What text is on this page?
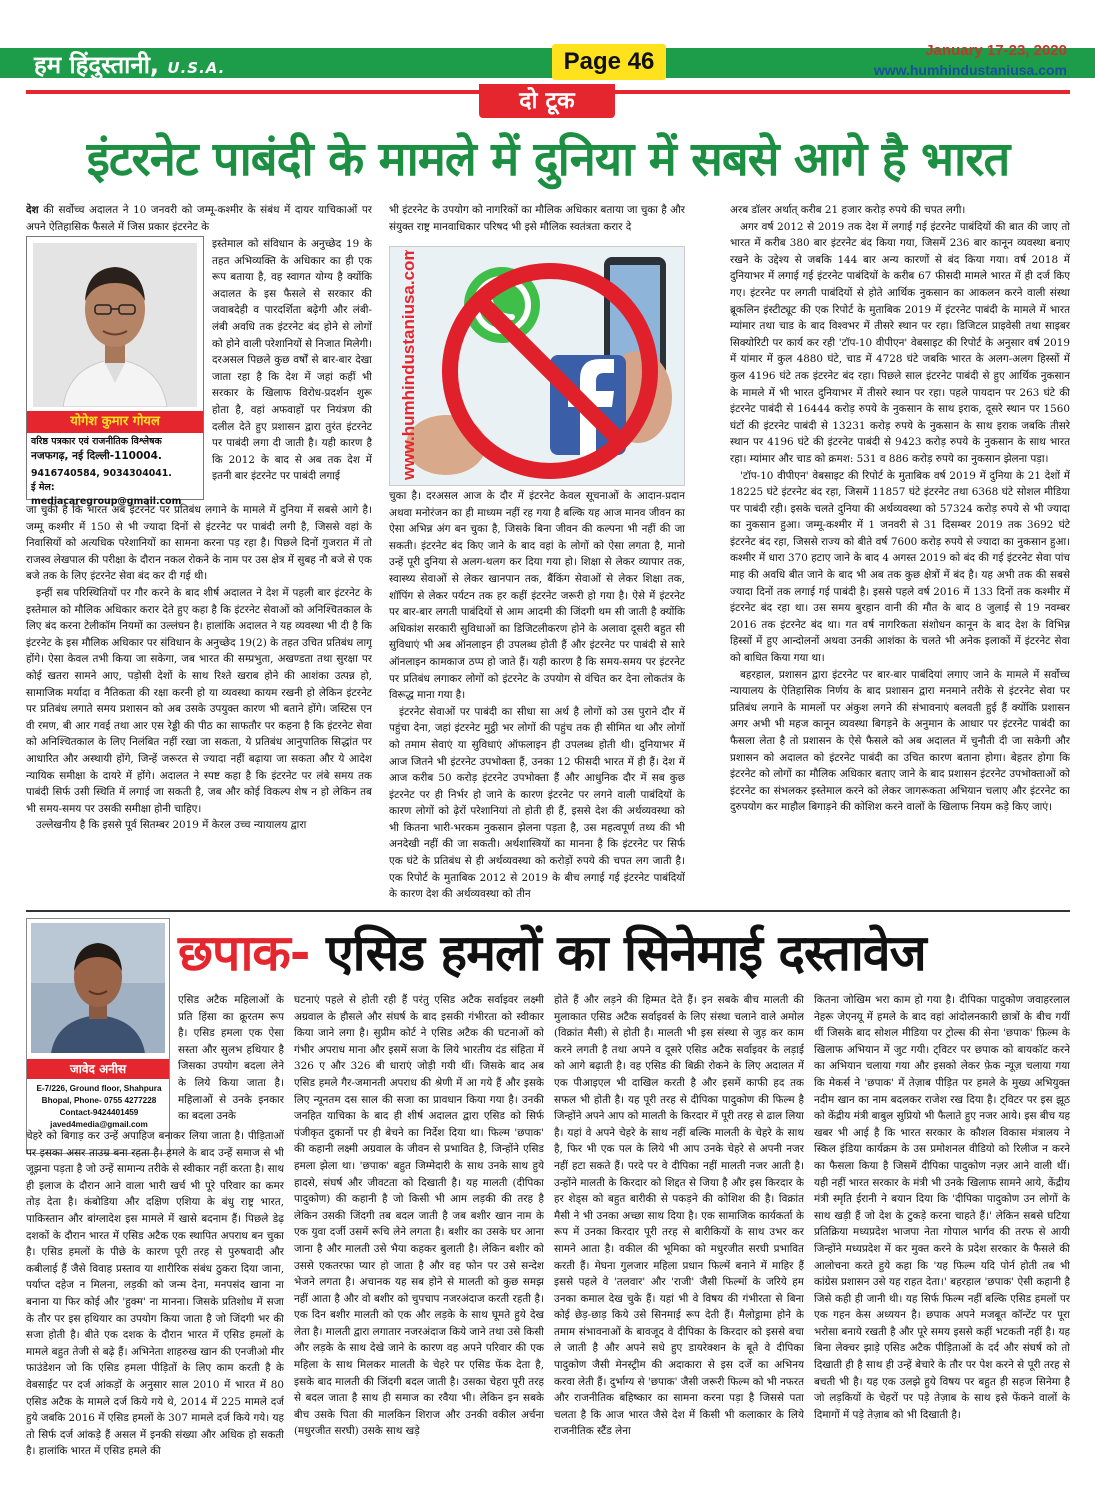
हम हिंदुस्तानी, U.S.A.	Page 46	January 17-23, 2020
www.humhindustaniusa.com
दो टूक
इंटरनेट पाबंदी के मामले में दुनिया में सबसे आगे है भारत

देश की सर्वोच्च अदालत ने 10 जनवरी को जम्मू-कश्मीर के संबंध में दायर याचिकाओं पर अपने ऐतिहासिक फैसले में जिस प्रकार इंटरनेट के

योगेश कुमार गोयल
वरिष्ठ पत्रकार एवं राजनीतिक विश्लेषक
नजफगढ़, नई दिल्ली-110004.
9416740584, 9034304041.
ई मेल: mediacaregroup@gmail.com

इस्तेमाल को संविधान के अनुच्छेद 19 के तहत अभिव्यक्ति के अधिकार का ही एक रूप बताया है, वह स्वागत योग्य है क्योंकि अदालत के इस फैसले से सरकार की जवाबदेही व पारदर्शिता बढ़ेगी और लंबी-लंबी अवधि तक इंटरनेट बंद होने से लोगों को होने वाली परेशानियों से निजात मिलेगी। दरअसल पिछले कुछ वर्षों से बार-बार देखा जाता रहा है कि देश में जहां कहीं भी सरकार के खिलाफ विरोध-प्रदर्शन शुरू होता है, वहां अफवाहों पर नियंत्रण की दलील देते हुए प्रशासन द्वारा तुरंत इंटरनेट पर पाबंदी लगा दी जाती है। यही कारण है कि 2012 के बाद से अब तक देश में इतनी बार इंटरनेट पर पाबंदी लगाई

जा चुकी है कि भारत अब इंटरनेट पर प्रतिबंध लगाने के मामले में दुनिया में सबसे आगे है। जम्मू कश्मीर में 150 से भी ज्यादा दिनों से इंटरनेट पर पाबंदी लगी है, जिससे वहां के निवासियों को अत्यधिक परेशानियों का सामना करना पड़ रहा है। पिछले दिनों गुजरात में तो राजस्व लेखपाल की परीक्षा के दौरान नकल रोकने के नाम पर उस क्षेत्र में सुबह नौ बजे से एक बजे तक के लिए इंटरनेट सेवा बंद कर दी गई थी।

इन्हीं सब परिस्थितियों पर गौर करने के बाद शीर्ष अदालत ने देश में पहली बार इंटरनेट के इस्तेमाल को मौलिक अधिकार करार देते हुए कहा है कि इंटरनेट सेवाओं को अनिश्चितकाल के लिए बंद करना टेलीकॉम नियमों का उल्लंघन है। हालांकि अदालत ने यह व्यवस्था भी दी है कि इंटरनेट के इस मौलिक अधिकार पर संविधान के अनुच्छेद 19(2) के तहत उचित प्रतिबंध लागू होंगे। ऐसा केवल तभी किया जा सकेगा, जब भारत की सम्प्रभुता, अखण्डता तथा सुरक्षा पर कोई खतरा सामने आए, पड़ोसी देशों के साथ रिश्ते खराब होने की आशंका उत्पन्न हो, सामाजिक मर्यादा व नैतिकता की रक्षा करनी हो या व्यवस्था कायम रखनी हो लेकिन इंटरनेट पर प्रतिबंध लगाते समय प्रशासन को अब उसके उपयुक्त कारण भी बताने होंगे। जस्टिस एन वी रमण, बी आर गवई तथा आर एस रेड्डी की पीठ का साफतौर पर कहना है कि इंटरनेट सेवा को अनिश्चितकाल के लिए निलंबित नहीं रखा जा सकता, ये प्रतिबंध आनुपातिक सिद्धांत पर आधारित और अस्थायी होंगे, जिन्हें जरूरत से ज्यादा नहीं बढ़ाया जा सकता और ये आदेश न्यायिक समीक्षा के दायरे में होंगे। अदालत ने स्पष्ट कहा है कि इंटरनेट पर लंबे समय तक पाबंदी सिर्फ उसी स्थिति में लगाई जा सकती है, जब और कोई विकल्प शेष न हो लेकिन तब भी समय-समय पर उसकी समीक्षा होनी चाहिए।

उल्लेखनीय है कि इससे पूर्व सितम्बर 2019 में केरल उच्च न्यायालय द्वारा

भी इंटरनेट के उपयोग को नागरिकों का मौलिक अधिकार बताया जा चुका है और संयुक्त राष्ट्र मानवाधिकार परिषद भी इसे मौलिक स्वतंत्रता करार दे

www.humhindustaniusa.com

चुका है। दरअसल आज के दौर में इंटरनेट केवल सूचनाओं के आदान-प्रदान अथवा मनोरंजन का ही माध्यम नहीं रह गया है बल्कि यह आज मानव जीवन का ऐसा अभिन्न अंग बन चुका है, जिसके बिना जीवन की कल्पना भी नहीं की जा सकती। इंटरनेट बंद किए जाने के बाद वहां के लोगों को ऐसा लगता है, मानो उन्हें पूरी दुनिया से अलग-थलग कर दिया गया हो। शिक्षा से लेकर व्यापार तक, स्वास्थ्य सेवाओं से लेकर खानपान तक, बैंकिंग सेवाओं से लेकर शिक्षा तक, शॉपिंग से लेकर पर्यटन तक हर कहीं इंटरनेट जरूरी हो गया है। ऐसे में इंटरनेट पर बार-बार लगती पाबंदियों से आम आदमी की जिंदगी थम सी जाती है क्योंकि अधिकांश सरकारी सुविधाओं का डिजिटलीकरण होने के अलावा दूसरी बहुत सी सुविधाएं भी अब ऑनलाइन ही उपलब्ध होती हैं और इंटरनेट पर पाबंदी से सारे ऑनलाइन कामकाज ठप्प हो जाते हैं। यही कारण है कि समय-समय पर इंटरनेट पर प्रतिबंध लगाकर लोगों को इंटरनेट के उपयोग से वंचित कर देना लोकतंत्र के विरूद्ध माना गया है।

इंटरनेट सेवाओं पर पाबंदी का सीधा सा अर्थ है लोगों को उस पुराने दौर में पहुंचा देना, जहां इंटरनेट मुट्ठी भर लोगों की पहुंच तक ही सीमित था और लोगों को तमाम सेवाएं या सुविधाएं ऑफलाइन ही उपलब्ध होती थी। दुनियाभर में आज जितने भी इंटरनेट उपभोक्ता हैं, उनका 12 फीसदी भारत में ही हैं। देश में आज करीब 50 करोड़ इंटरनेट उपभोक्ता हैं और आधुनिक दौर में सब कुछ इंटरनेट पर ही निर्भर हो जाने के कारण इंटरनेट पर लगने वाली पाबंदियों के कारण लोगों को ढ़ेरों परेशानियां तो होती ही हैं, इससे देश की अर्थव्यवस्था को भी कितना भारी-भरकम नुकसान झेलना पड़ता है, उस महत्वपूर्ण तथ्य की भी अनदेखी नहीं की जा सकती। अर्थशास्त्रियों का मानना है कि इंटरनेट पर सिर्फ एक घंटे के प्रतिबंध से ही अर्थव्यवस्था को करोड़ों रुपये की चपत लग जाती है। एक रिपोर्ट के मुताबिक 2012 से 2019 के बीच लगाई गई इंटरनेट पाबंदियों के कारण देश की अर्थव्यवस्था को तीन

अरब डॉलर अर्थात् करीब 21 हजार करोड़ रुपये की चपत लगी।

अगर वर्ष 2012 से 2019 तक देश में लगाई गई इंटरनेट पाबंदियों की बात की जाए तो भारत में करीब 380 बार इंटरनेट बंद किया गया, जिसमें 236 बार कानून व्यवस्था बनाए रखने के उद्देश्य से जबकि 144 बार अन्य कारणों से बंद किया गया। वर्ष 2018 में दुनियाभर में लगाई गई इंटरनेट पाबंदियों के करीब 67 फीसदी मामले भारत में ही दर्ज किए गए। इंटरनेट पर लगती पाबंदियों से होते आर्थिक नुकसान का आकलन करने वाली संस्था ब्रूकलिन इंस्टीट्यूट की एक रिपोर्ट के मुताबिक 2019 में इंटरनेट पाबंदी के मामले में भारत म्यांमार तथा चाड के बाद विश्वभर में तीसरे स्थान पर रहा। डिजिटल प्राइवेसी तथा साइबर सिक्योरिटी पर कार्य कर रही 'टॉप-10 वीपीएन' वेबसाइट की रिपोर्ट के अनुसार वर्ष 2019 में यांमार में कुल 4880 घंटे, चाड में 4728 घंटे जबकि भारत के अलग-अलग हिस्सों में कुल 4196 घंटे तक इंटरनेट बंद रहा। पिछले साल इंटरनेट पाबंदी से हुए आर्थिक नुकसान के मामले में भी भारत दुनियाभर में तीसरे स्थान पर रहा। पहले पायदान पर 263 घंटे की इंटरनेट पाबंदी से 16444 करोड़ रुपये के नुकसान के साथ इराक, दूसरे स्थान पर 1560 घंटों की इंटरनेट पाबंदी से 13231 करोड़ रुपये के नुकसान के साथ इराक जबकि तीसरे स्थान पर 4196 घंटे की इंटरनेट पाबंदी से 9423 करोड़ रुपये के नुकसान के साथ भारत रहा। म्यांमार और चाड को क्रमश: 531 व 886 करोड़ रुपये का नुकसान झेलना पड़ा।

'टॉप-10 वीपीएन' वेबसाइट की रिपोर्ट के मुताबिक वर्ष 2019 में दुनिया के 21 देशों में 18225 घंटे इंटरनेट बंद रहा, जिसमें 11857 घंटे इंटरनेट तथा 6368 घंटे सोशल मीडिया पर पाबंदी रही। इसके चलते दुनिया की अर्थव्यवस्था को 57324 करोड़ रुपये से भी ज्यादा का नुकसान हुआ। जम्मू-कश्मीर में 1 जनवरी से 31 दिसम्बर 2019 तक 3692 घंटे इंटरनेट बंद रहा, जिससे राज्य को बीते वर्ष 7600 करोड़ रुपये से ज्यादा का नुकसान हुआ। कश्मीर में धारा 370 हटाए जाने के बाद 4 अगस्त 2019 को बंद की गई इंटरनेट सेवा पांच माह की अवधि बीत जाने के बाद भी अब तक कुछ क्षेत्रों में बंद है। यह अभी तक की सबसे ज्यादा दिनों तक लगाई गई पाबंदी है। इससे पहले वर्ष 2016 में 133 दिनों तक कश्मीर में इंटरनेट बंद रहा था। उस समय बुरहान वानी की मौत के बाद 8 जुलाई से 19 नवम्बर 2016 तक इंटरनेट बंद था। गत वर्ष नागरिकता संशोधन कानून के बाद देश के विभिन्न हिस्सों में हुए आन्दोलनों अथवा उनकी आशंका के चलते भी अनेक इलाकों में इंटरनेट सेवा को बाधित किया गया था।

बहरहाल, प्रशासन द्वारा इंटरनेट पर बार-बार पाबंदियां लगाए जाने के मामले में सर्वोच्च न्यायालय के ऐतिहासिक निर्णय के बाद प्रशासन द्वारा मनमाने तरीके से इंटरनेट सेवा पर प्रतिबंध लगाने के मामलों पर अंकुश लगने की संभावनाएं बलवती हुई हैं क्योंकि प्रशासन अगर अभी भी महज कानून व्यवस्था बिगड़ने के अनुमान के आधार पर इंटरनेट पाबंदी का फैसला लेता है तो प्रशासन के ऐसे फैसले को अब अदालत में चुनौती दी जा सकेगी और प्रशासन को अदालत को इंटरनेट पाबंदी का उचित कारण बताना होगा। बेहतर होगा कि इंटरनेट को लोगों का मौलिक अधिकार बताए जाने के बाद प्रशासन इंटरनेट उपभोक्ताओं को इंटरनेट का संभलकर इस्तेमाल करने को लेकर जागरूकता अभियान चलाए और इंटरनेट का दुरुपयोग कर माहौल बिगाड़ने की कोशिश करने वालों के खिलाफ नियम कड़े किए जाएं।

छपाक- एसिड हमलों का सिनेमाई दस्तावेज
जावेद अनीस
E-7/226, Ground floor, Shahpura
Bhopal, Phone- 0755 4277228
Contact-9424401459
javed4media@gmail.com

एसिड अटैक महिलाओं के प्रति हिंसा का क्रूरतम रूप है। एसिड हमला एक ऐसा सस्ता और सुलभ हथियार है जिसका उपयोग बदला लेने के लिये किया जाता है। महिलाओं से उनके इनकार का बदला उनके

चेहरे को बिगाड़ कर उन्हें अपाहिज बनाकर लिया जाता है। पीड़िताओं पर इसका असर ताउम्र बना रहता है। हमले के बाद उन्हें समाज से भी जूझना पड़ता है जो उन्हें सामान्य तरीके से स्वीकार नहीं करता है। साथ ही इलाज के दौरान आने वाला भारी खर्च भी पूरे परिवार का कमर तोड़ देता है। कंबोडिया और दक्षिण एशिया के बंधु राष्ट्र भारत, पाकिस्तान और बांग्लादेश इस मामले में खासे बदनाम हैं। पिछले डेढ़ दशकों के दौरान भारत में एसिड अटैक एक स्थापित अपराध बन चुका है। एसिड हमलों के पीछे के कारण पूरी तरह से पुरुषवादी और कबीलाई हैं जैसे विवाह प्रस्ताव या शारीरिक संबंध ठुकरा दिया जाना, पर्याप्त दहेज न मिलना, लड़की को जन्म देना, मनपसंद खाना ना बनाना या फिर कोई और 'हुक्म' ना मानना। जिसके प्रतिशोध में सजा के तौर पर इस हथियार का उपयोग किया जाता है जो जिंदगी भर की सजा होती है। बीते एक दशक के दौरान भारत में एसिड हमलों के मामले बहुत तेजी से बढ़े हैं। अभिनेता शाहरुख खान की एनजीओ मीर फाउंडेशन जो कि एसिड हमला पीड़ितों के लिए काम करती है के वेबसाईट पर दर्ज आंकड़ों के अनुसार साल 2010 में भारत में 80 एसिड अटैक के मामले दर्ज किये गये थे, 2014 में 225 मामले दर्ज हुये जबकि 2016 में एसिड हमलों के 307 मामले दर्ज किये गये। यह तो सिर्फ दर्ज आंकड़े हैं असल में इनकी संख्या और अधिक हो सकती है। हालांकि भारत में एसिड हमले की

घटनाएं पहले से होती रही हैं परंतु एसिड अटैक सर्वाइवर लक्ष्मी अग्रवाल के हौसले और संघर्ष के बाद इसकी गंभीरता को स्वीकार किया जाने लगा है। सुप्रीम कोर्ट ने एसिड अटैक की घटनाओं को गंभीर अपराध माना और इसमें सजा के लिये भारतीय दंड संहिता में 326 ए और 326 बी धाराएं जोड़ी गयी थीं। जिसके बाद अब एसिड हमले गैर-जमानती अपराध की श्रेणी में आ गये हैं और इसके लिए न्यूनतम दस साल की सजा का प्रावधान किया गया है। उनकी जनहित याचिका के बाद ही शीर्ष अदालत द्वारा एसिड को सिर्फ पंजीकृत दुकानों पर ही बेचने का निर्देश दिया था। फिल्म 'छपाक' की कहानी लक्ष्मी अग्रवाल के जीवन से प्रभावित है, जिन्होंने एसिड हमला झेला था। 'छपाक' बहुत जिम्मेदारी के साथ उनके साथ हुये हादसे, संघर्ष और जीवटता को दिखाती है। यह मालती (दीपिका पादुकोण) की कहानी है जो किसी भी आम लड़की की तरह है लेकिन उसकी जिंदगी तब बदल जाती है जब बशीर खान नाम के एक युवा दर्जी उसमें रूचि लेने लगता है। बशीर का उसके घर आना जाना है और मालती उसे भैया कहकर बुलाती है। लेकिन बशीर को उससे एकतरफा प्यार हो जाता है और वह फोन पर उसे सन्देश भेजने लगता है। अचानक यह सब होने से मालती को कुछ समझ नहीं आता है और वो बशीर को चुपचाप नजरअंदाज करती रहती है। एक दिन बशीर मालती को एक और लड़के के साथ घूमते हुये देख लेता है। मालती द्वारा लगातार नजरअंदाज किये जाने तथा उसे किसी और लड़के के साथ देखे जाने के कारण वह अपने परिवार की एक महिला के साथ मिलकर मालती के चेहरे पर एसिड फेंक देता है, इसके बाद मालती की जिंदगी बदल जाती है। उसका चेहरा पूरी तरह से बदल जाता है साथ ही समाज का रवैया भी। लेकिन इन सबके बीच उसके पिता की मालकिन शिराज और उनकी वकील अर्चना (मधुरजीत सरघी) उसके साथ खड़े

होते हैं और लड़ने की हिम्मत देते हैं। इन सबके बीच मालती की मुलाकात एसिड अटैक सर्वाइवर्स के लिए संस्था चलाने वाले अमोल (विक्रांत मैसी) से होती है। मालती भी इस संस्था से जुड़ कर काम करने लगती है तथा अपने व दूसरे एसिड अटैक सर्वाइवर के लड़ाई को आगे बढ़ाती है। वह एसिड की बिक्री रोकने के लिए अदालत में एक पीआइएल भी दाखिल करती है और इसमें काफी हद तक सफल भी होती है। यह पूरी तरह से दीपिका पादुकोण की फिल्म है जिन्होंने अपने आप को मालती के किरदार में पूरी तरह से ढाल लिया है। यहां वे अपने चेहरे के साथ नहीं बल्कि मालती के चेहरे के साथ है, फिर भी एक पल के लिये भी आप उनके चेहरे से अपनी नजर नहीं हटा सकते हैं। परदे पर वे दीपिका नहीं मालती नजर आती है। उन्होंने मालती के किरदार को शिद्दत से जिया है और इस किरदार के हर शेड्स को बहुत बारीकी से पकड़ने की कोशिश की है। विक्रांत मैसी ने भी उनका अच्छा साथ दिया है। एक सामाजिक कार्यकर्ता के रूप में उनका किरदार पूरी तरह से बारीकियों के साथ उभर कर सामने आता है। वकील की भूमिका को मधुरजीत सरघी प्रभावित करती हैं। मेघना गुलजार महिला प्रधान फिल्में बनाने में माहिर हैं इससे पहले वे 'तलवार' और 'राजी' जैसी फिल्मों के जरिये हम उनका कमाल देख चुके हैं। यहां भी वे विषय की गंभीरता से बिना कोई छेड़-छाड़ किये उसे सिनमाई रूप देती हैं। मैलोड्रामा होने के तमाम संभावनाओं के बावजूद वे दीपिका के किरदार को इससे बचा ले जाती है और अपने सधे हुए डायरेक्शन के बूते वे दीपिका पादुकोण जैसी मेनस्ट्रीम की अदाकारा से इस दर्जे का अभिनय करवा लेती हैं। दुर्भाग्य से 'छपाक' जैसी जरूरी फिल्म को भी नफरत और राजनीतिक बहिष्कार का सामना करना पड़ा है जिससे पता चलता है कि आज भारत जैसे देश में किसी भी कलाकार के लिये राजनीतिक स्टैंड लेना

कितना जोखिम भरा काम हो गया है। दीपिका पादुकोण जवाहरलाल नेहरू जेएनयू में हमले के बाद वहां आंदोलनकारी छात्रों के बीच गयीं थीं जिसके बाद सोशल मीडिया पर ट्रोल्स की सेना 'छपाक' फ़िल्म के खिलाफ अभियान में जुट गयी। ट्विटर पर छपाक को बायकॉट करने का अभियान चलाया गया और इसको लेकर फ़ेक न्यूज़ चलाया गया कि मेकर्स ने 'छपाक' में तेज़ाब पीड़ित पर हमले के मुख्य अभियुक्त नदीम खान का नाम बदलकर राजेश रख दिया है। ट्विटर पर इस झूठ को केंद्रीय मंत्री बाबुल सुप्रियो भी फैलाते हुए नजर आये। इस बीच यह खबर भी आई है कि भारत सरकार के कौशल विकास मंत्रालय ने स्किल इंडिया कार्यक्रम के उस प्रमोशनल वीडियो को रिलीज न करने का फैसला किया है जिसमें दीपिका पादुकोण नज़र आने वाली थीं। यही नहीं भारत सरकार के मंत्री भी उनके खिलाफ सामने आये, केंद्रीय मंत्री स्मृति ईरानी ने बयान दिया कि 'दीपिका पादुकोण उन लोगों के साथ खड़ी हैं जो देश के टुकड़े करना चाहते हैं।' लेकिन सबसे घटिया प्रतिक्रिया मध्यप्रदेश भाजपा नेता गोपाल भार्गव की तरफ से आयी जिन्होंने मध्यप्रदेश में कर मुक्त करने के प्रदेश सरकार के फैसले की आलोचना करते हुये कहा कि 'यह फिल्म यदि पोर्न होती तब भी कांग्रेस प्रशासन उसे यह राहत देता।' बहरहाल 'छपाक' ऐसी कहानी है जिसे कही ही जानी थी। यह सिर्फ फिल्म नहीं बल्कि एसिड हमलों पर एक गहन केस अध्ययन है। छपाक अपने मजबूत कॉन्टेंट पर पूरा भरोसा बनाये रखती है और पूरे समय इससे कहीं भटकती नहीं है। यह बिना लेक्चर झाड़े एसिड अटैक पीड़िताओं के दर्द और संघर्ष को तो दिखाती ही है साथ ही उन्हें बेचारे के तौर पर पेश करने से पूरी तरह से बचती भी है। यह एक उलझे हुये विषय पर बहुत ही सहज सिनेमा है जो लड़कियों के चेहरों पर पड़े तेज़ाब के साथ इसे फेंकने वालों के दिमागों में पड़े तेज़ाब को भी दिखाती है।
